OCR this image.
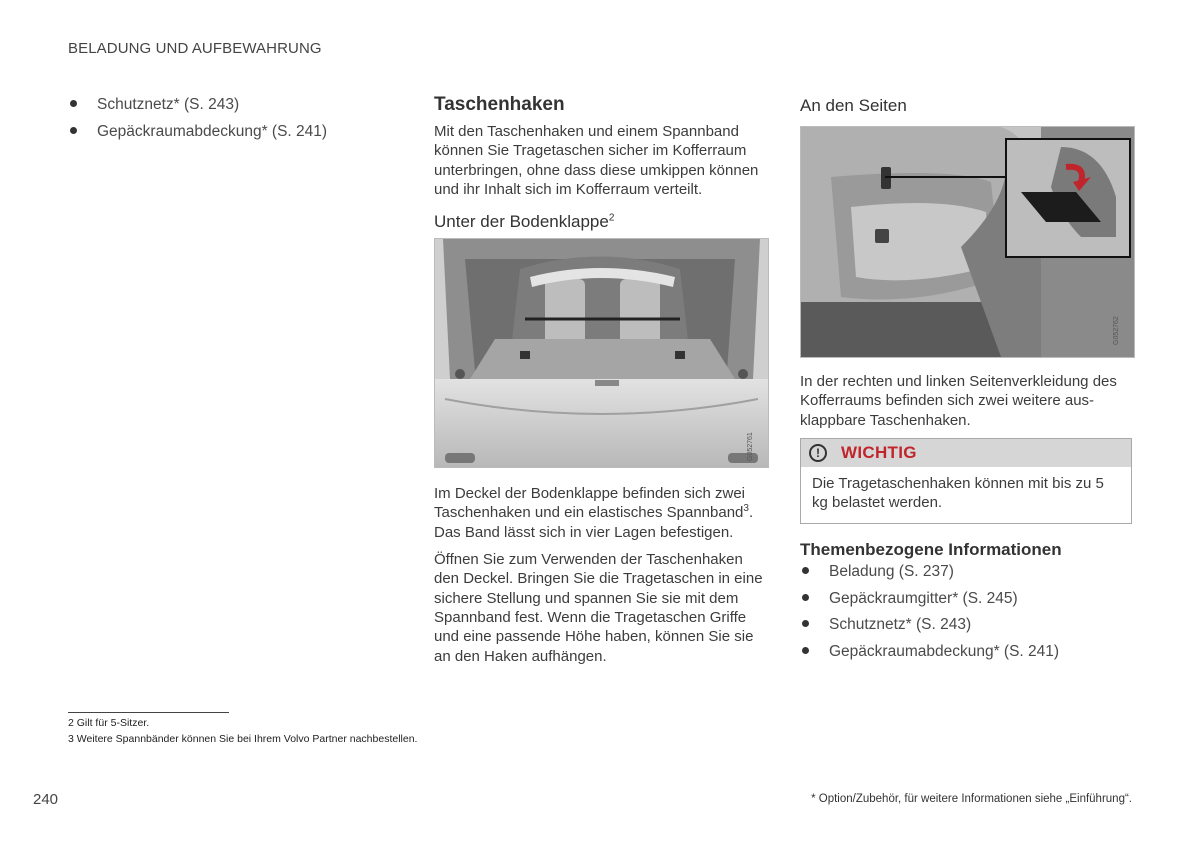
BELADUNG UND AUFBEWAHRUNG
Schutznetz* (S. 243)
Gepäckraumabdeckung* (S. 241)
Taschenhaken

Mit den Taschenhaken und einem Spannband können Sie Tragetaschen sicher im Kofferraum unterbringen, ohne dass diese umkippen können und ihr Inhalt sich im Kofferraum verteilt.

Unter der Bodenklappe$^2$
G052761

Im Deckel der Bodenklappe befinden sich zwei Taschenhaken und ein elastisches Spannband$^3$. Das Band lässt sich in vier Lagen befestigen.

Öffnen Sie zum Verwenden der Taschenhaken den Deckel. Bringen Sie die Tragetaschen in eine sichere Stellung und spannen Sie sie mit dem Spannband fest. Wenn die Tragetaschen Griffe und eine passende Höhe haben, können Sie sie an den Haken aufhängen.

An den Seiten
G052762

In der rechten und linken Seitenverkleidung des Kofferraums befinden sich zwei weitere aus-klappbare Taschenhaken.

!	WICHTIG
Die Tragetaschenhaken können mit bis zu 5 kg belastet werden.
Themenbezogene Informationen
Beladung (S. 237)
Gepäckraumgitter* (S. 245)
Schutznetz* (S. 243)
Gepäckraumabdeckung* (S. 241)
2 Gilt für 5-Sitzer.
3 Weitere Spannbänder können Sie bei Ihrem Volvo Partner nachbestellen.
240	* Option/Zubehör, für weitere Informationen siehe „Einführung“.
